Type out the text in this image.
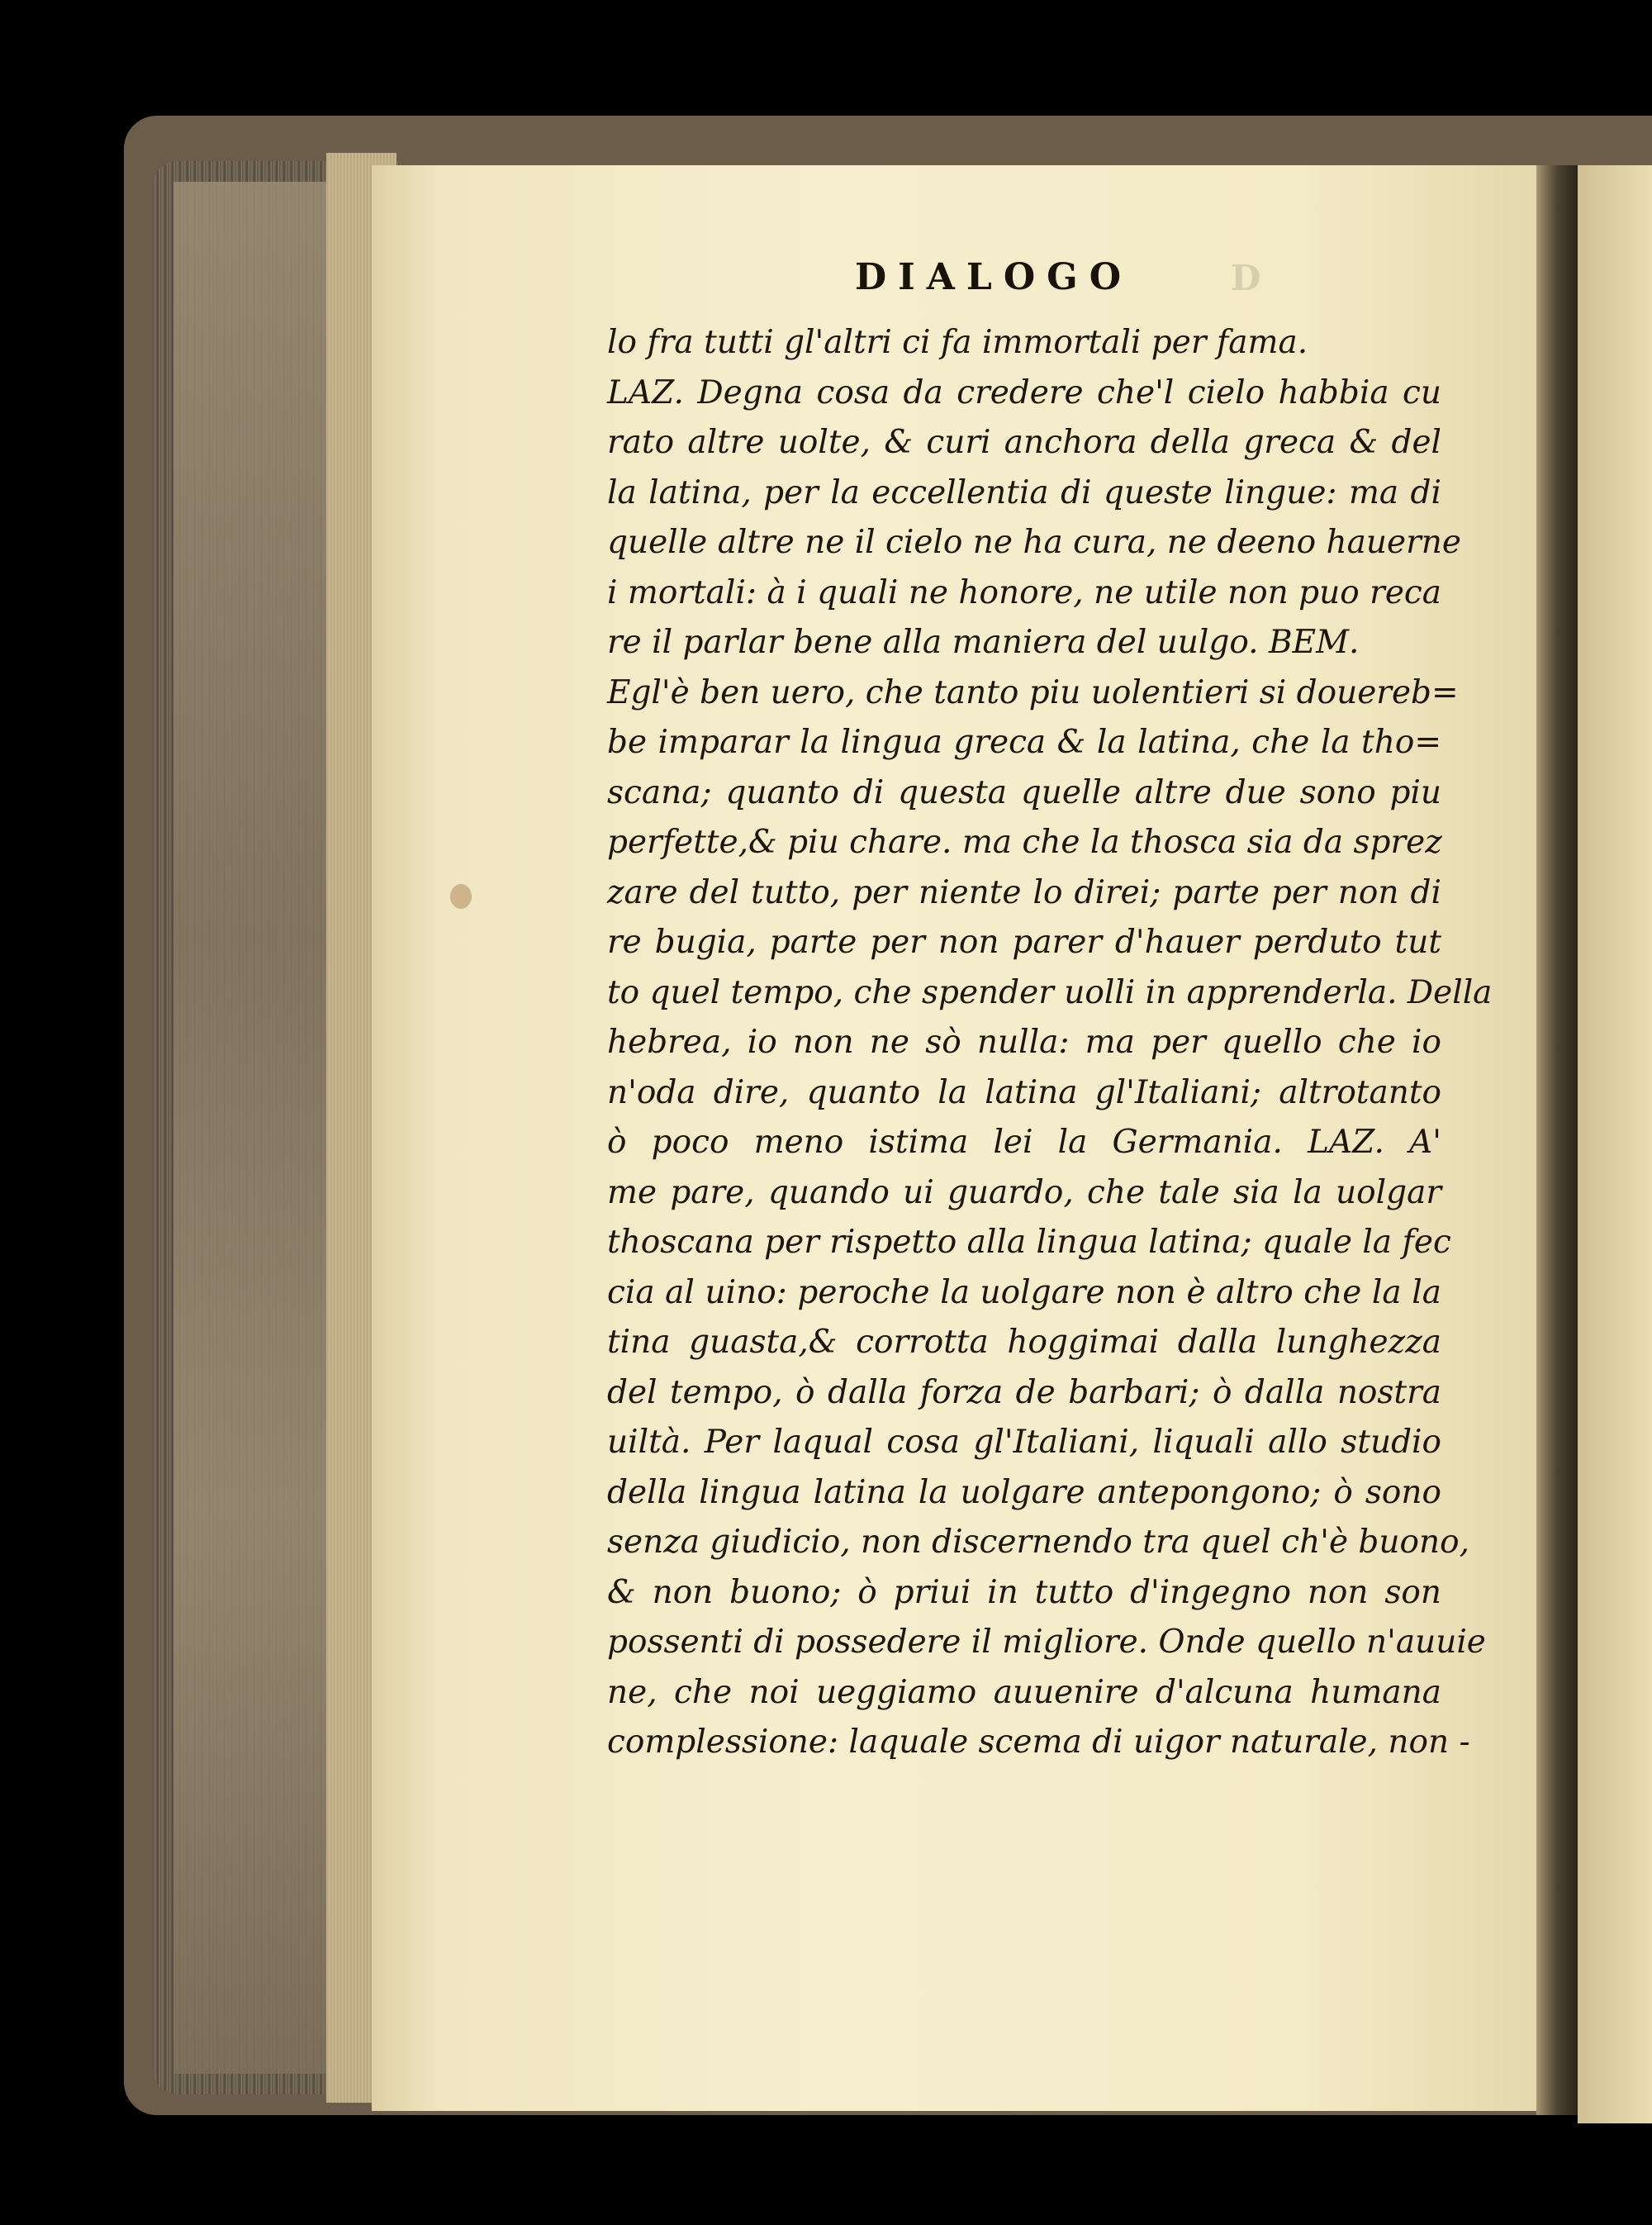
DIALOGO	D
lo fra tutti gl'altri ci fa immortali per fama.
LAZ. Degna cosa da credere che'l cielo habbia cu
rato altre uolte, & curi anchora della greca & del
la latina, per la eccellentia di queste lingue: ma di
quelle altre ne il cielo ne ha cura, ne deeno hauerne
i mortali: à i quali ne honore, ne utile non puo reca
re il parlar bene alla maniera del uulgo. BEM.
Egl'è ben uero, che tanto piu uolentieri si douereb=
be imparar la lingua greca & la latina, che la tho=
scana; quanto di questa quelle altre due sono piu
perfette,& piu chare. ma che la thosca sia da sprez
zare del tutto, per niente lo direi; parte per non di
re bugia, parte per non parer d'hauer perduto tut
to quel tempo, che spender uolli in apprenderla. Della
hebrea, io non ne sò nulla: ma per quello che io
n'oda dire, quanto la latina gl'Italiani; altrotanto
ò poco meno istima lei la Germania. LAZ. A'
me pare, quando ui guardo, che tale sia la uolgar
thoscana per rispetto alla lingua latina; quale la fec
cia al uino: peroche la uolgare non è altro che la la
tina guasta,& corrotta hoggimai dalla lunghezza
del tempo, ò dalla forza de barbari; ò dalla nostra
uiltà. Per laqual cosa gl'Italiani, liquali allo studio
della lingua latina la uolgare antepongono; ò sono
senza giudicio, non discernendo tra quel ch'è buono,
& non buono; ò priui in tutto d'ingegno non son
possenti di possedere il migliore. Onde quello n'auuie
ne, che noi ueggiamo auuenire d'alcuna humana
complessione: laquale scema di uigor naturale, non -
